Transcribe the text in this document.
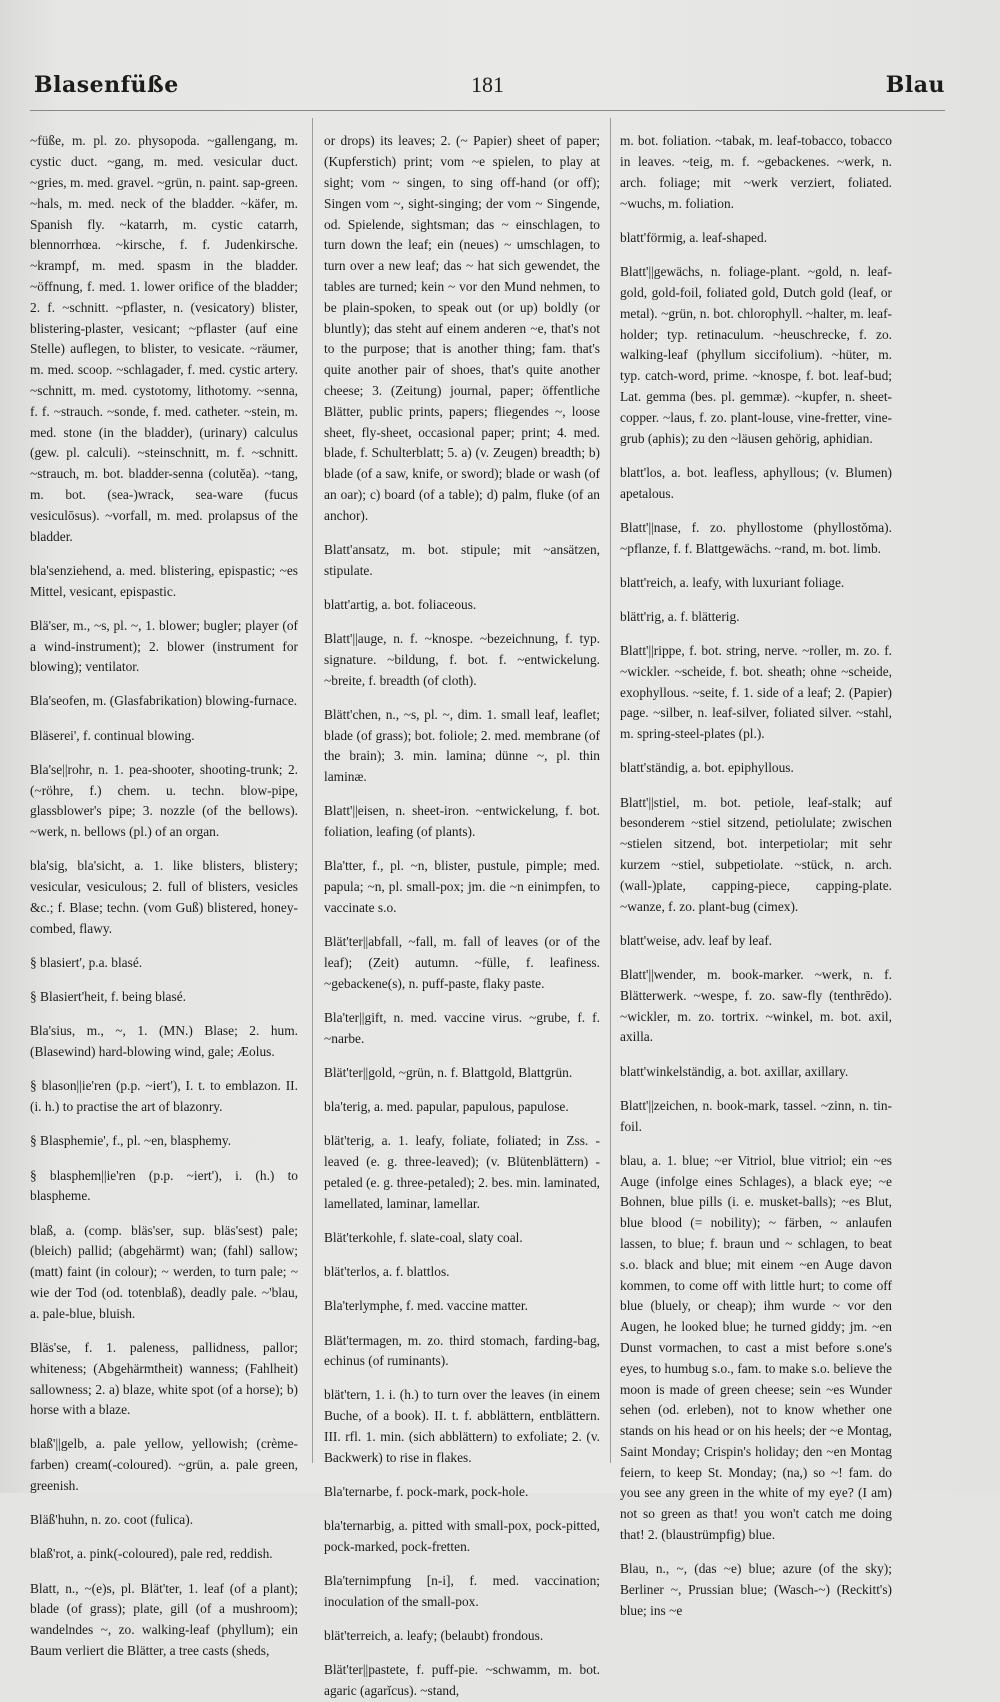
Blasenfüße	181	Blau

~füße, m. pl. zo. physopoda. ~gallengang, m. cystic duct. ~gang, m. med. vesicular duct. ~gries, m. med. gravel. ~grün, n. paint. sap-green. ~hals, m. med. neck of the bladder. ~käfer, m. Spanish fly. ~katarrh, m. cystic catarrh, blennorrhœa. ~kirsche, f. f. Judenkirsche. ~krampf, m. med. spasm in the bladder. ~öffnung, f. med. 1. lower orifice of the bladder; 2. f. ~schnitt. ~pflaster, n. (vesicatory) blister, blistering-plaster, vesicant; ~pflaster (auf eine Stelle) auflegen, to blister, to vesicate. ~räumer, m. med. scoop. ~schlagader, f. med. cystic artery. ~schnitt, m. med. cystotomy, lithotomy. ~senna, f. f. ~strauch. ~sonde, f. med. catheter. ~stein, m. med. stone (in the bladder), (urinary) calculus (gew. pl. calculi). ~steinschnitt, m. f. ~schnitt. ~strauch, m. bot. bladder-senna (colutĕa). ~tang, m. bot. (sea-)wrack, sea-ware (fucus vesiculōsus). ~vorfall, m. med. prolapsus of the bladder.

bla'senziehend, a. med. blistering, epispastic; ~es Mittel, vesicant, epispastic.

Blä'ser, m., ~s, pl. ~, 1. blower; bugler; player (of a wind-instrument); 2. blower (instrument for blowing); ventilator.

Bla'seofen, m. (Glasfabrikation) blowing-furnace.

Bläserei', f. continual blowing.

Bla'se||rohr, n. 1. pea-shooter, shooting-trunk; 2. (~röhre, f.) chem. u. techn. blow-pipe, glassblower's pipe; 3. nozzle (of the bellows). ~werk, n. bellows (pl.) of an organ.

bla'sig, bla'sicht, a. 1. like blisters, blistery; vesicular, vesiculous; 2. full of blisters, vesicles &c.; f. Blase; techn. (vom Guß) blistered, honey-combed, flawy.

§ blasiert', p.a. blasé.

§ Blasiert'heit, f. being blasé.

Bla'sius, m., ~, 1. (MN.) Blase; 2. hum. (Blasewind) hard-blowing wind, gale; Æolus.

§ blason||ie'ren (p.p. ~iert'), I. t. to emblazon. II. (i. h.) to practise the art of blazonry.

§ Blasphemie', f., pl. ~en, blasphemy.

§ blasphem||ie'ren (p.p. ~iert'), i. (h.) to blaspheme.

blaß, a. (comp. bläs'ser, sup. bläs'sest) pale; (bleich) pallid; (abgehärmt) wan; (fahl) sallow; (matt) faint (in colour); ~ werden, to turn pale; ~ wie der Tod (od. totenblaß), deadly pale. ~'blau, a. pale-blue, bluish.

Bläs'se, f. 1. paleness, pallidness, pallor; whiteness; (Abgehärmtheit) wanness; (Fahlheit) sallowness; 2. a) blaze, white spot (of a horse); b) horse with a blaze.

blaß'||gelb, a. pale yellow, yellowish; (crème-farben) cream(-coloured). ~grün, a. pale green, greenish.

Bläß'huhn, n. zo. coot (fulica).

blaß'rot, a. pink(-coloured), pale red, reddish.

Blatt, n., ~(e)s, pl. Blät'ter, 1. leaf (of a plant); blade (of grass); plate, gill (of a mushroom); wandelndes ~, zo. walking-leaf (phyllum); ein Baum verliert die Blätter, a tree casts (sheds,

or drops) its leaves; 2. (~ Papier) sheet of paper; (Kupferstich) print; vom ~e spielen, to play at sight; vom ~ singen, to sing off-hand (or off); Singen vom ~, sight-singing; der vom ~ Singende, od. Spielende, sightsman; das ~ einschlagen, to turn down the leaf; ein (neues) ~ umschlagen, to turn over a new leaf; das ~ hat sich gewendet, the tables are turned; kein ~ vor den Mund nehmen, to be plain-spoken, to speak out (or up) boldly (or bluntly); das steht auf einem anderen ~e, that's not to the purpose; that is another thing; fam. that's quite another pair of shoes, that's quite another cheese; 3. (Zeitung) journal, paper; öffentliche Blätter, public prints, papers; fliegendes ~, loose sheet, fly-sheet, occasional paper; print; 4. med. blade, f. Schulterblatt; 5. a) (v. Zeugen) breadth; b) blade (of a saw, knife, or sword); blade or wash (of an oar); c) board (of a table); d) palm, fluke (of an anchor).

Blatt'ansatz, m. bot. stipule; mit ~ansätzen, stipulate.

blatt'artig, a. bot. foliaceous.

Blatt'||auge, n. f. ~knospe. ~bezeichnung, f. typ. signature. ~bildung, f. bot. f. ~entwickelung. ~breite, f. breadth (of cloth).

Blätt'chen, n., ~s, pl. ~, dim. 1. small leaf, leaflet; blade (of grass); bot. foliole; 2. med. membrane (of the brain); 3. min. lamina; dünne ~, pl. thin laminæ.

Blatt'||eisen, n. sheet-iron. ~entwickelung, f. bot. foliation, leafing (of plants).

Bla'tter, f., pl. ~n, blister, pustule, pimple; med. papula; ~n, pl. small-pox; jm. die ~n einimpfen, to vaccinate s.o.

Blät'ter||abfall, ~fall, m. fall of leaves (or of the leaf); (Zeit) autumn. ~fülle, f. leafiness. ~gebackene(s), n. puff-paste, flaky paste.

Bla'ter||gift, n. med. vaccine virus. ~grube, f. f. ~narbe.

Blät'ter||gold, ~grün, n. f. Blattgold, Blattgrün.

bla'terig, a. med. papular, papulous, papulose.

blät'terig, a. 1. leafy, foliate, foliated; in Zss. -leaved (e. g. three-leaved); (v. Blütenblättern) -petaled (e. g. three-petaled); 2. bes. min. laminated, lamellated, laminar, lamellar.

Blät'terkohle, f. slate-coal, slaty coal.

blät'terlos, a. f. blattlos.

Bla'terlymphe, f. med. vaccine matter.

Blät'termagen, m. zo. third stomach, farding-bag, echinus (of ruminants).

blät'tern, 1. i. (h.) to turn over the leaves (in einem Buche, of a book). II. t. f. abblättern, entblättern. III. rfl. 1. min. (sich abblättern) to exfoliate; 2. (v. Backwerk) to rise in flakes.

Bla'ternarbe, f. pock-mark, pock-hole.

bla'ternarbig, a. pitted with small-pox, pock-pitted, pock-marked, pock-fretten.

Bla'ternimpfung [n-i], f. med. vaccination; inoculation of the small-pox.

blät'terreich, a. leafy; (belaubt) frondous.

Blät'ter||pastete, f. puff-pie. ~schwamm, m. bot. agaric (agarĭcus). ~stand,

m. bot. foliation. ~tabak, m. leaf-tobacco, tobacco in leaves. ~teig, m. f. ~gebackenes. ~werk, n. arch. foliage; mit ~werk verziert, foliated. ~wuchs, m. foliation.

blatt'förmig, a. leaf-shaped.

Blatt'||gewächs, n. foliage-plant. ~gold, n. leaf-gold, gold-foil, foliated gold, Dutch gold (leaf, or metal). ~grün, n. bot. chlorophyll. ~halter, m. leaf-holder; typ. retinaculum. ~heuschrecke, f. zo. walking-leaf (phyllum siccifolium). ~hüter, m. typ. catch-word, prime. ~knospe, f. bot. leaf-bud; Lat. gemma (bes. pl. gemmæ). ~kupfer, n. sheet-copper. ~laus, f. zo. plant-louse, vine-fretter, vine-grub (aphis); zu den ~läusen gehörig, aphidian.

blatt'los, a. bot. leafless, aphyllous; (v. Blumen) apetalous.

Blatt'||nase, f. zo. phyllostome (phyllostŏma). ~pflanze, f. f. Blattgewächs. ~rand, m. bot. limb.

blatt'reich, a. leafy, with luxuriant foliage.

blätt'rig, a. f. blätterig.

Blatt'||rippe, f. bot. string, nerve. ~roller, m. zo. f. ~wickler. ~scheide, f. bot. sheath; ohne ~scheide, exophyllous. ~seite, f. 1. side of a leaf; 2. (Papier) page. ~silber, n. leaf-silver, foliated silver. ~stahl, m. spring-steel-plates (pl.).

blatt'ständig, a. bot. epiphyllous.

Blatt'||stiel, m. bot. petiole, leaf-stalk; auf besonderem ~stiel sitzend, petiolulate; zwischen ~stielen sitzend, bot. interpetiolar; mit sehr kurzem ~stiel, subpetiolate. ~stück, n. arch. (wall-)plate, capping-piece, capping-plate. ~wanze, f. zo. plant-bug (cimex).

blatt'weise, adv. leaf by leaf.

Blatt'||wender, m. book-marker. ~werk, n. f. Blätterwerk. ~wespe, f. zo. saw-fly (tenthrēdo). ~wickler, m. zo. tortrix. ~winkel, m. bot. axil, axilla.

blatt'winkelständig, a. bot. axillar, axillary.

Blatt'||zeichen, n. book-mark, tassel. ~zinn, n. tin-foil.

blau, a. 1. blue; ~er Vitriol, blue vitriol; ein ~es Auge (infolge eines Schlages), a black eye; ~e Bohnen, blue pills (i. e. musket-balls); ~es Blut, blue blood (= nobility); ~ färben, ~ anlaufen lassen, to blue; f. braun und ~ schlagen, to beat s.o. black and blue; mit einem ~en Auge davon kommen, to come off with little hurt; to come off blue (bluely, or cheap); ihm wurde ~ vor den Augen, he looked blue; he turned giddy; jm. ~en Dunst vormachen, to cast a mist before s.one's eyes, to humbug s.o., fam. to make s.o. believe the moon is made of green cheese; sein ~es Wunder sehen (od. erleben), not to know whether one stands on his head or on his heels; der ~e Montag, Saint Monday; Crispin's holiday; den ~en Montag feiern, to keep St. Monday; (na,) so ~! fam. do you see any green in the white of my eye? (I am) not so green as that! you won't catch me doing that! 2. (blaustrümpfig) blue.

Blau, n., ~, (das ~e) blue; azure (of the sky); Berliner ~, Prussian blue; (Wasch-~) (Reckitt's) blue; ins ~e
